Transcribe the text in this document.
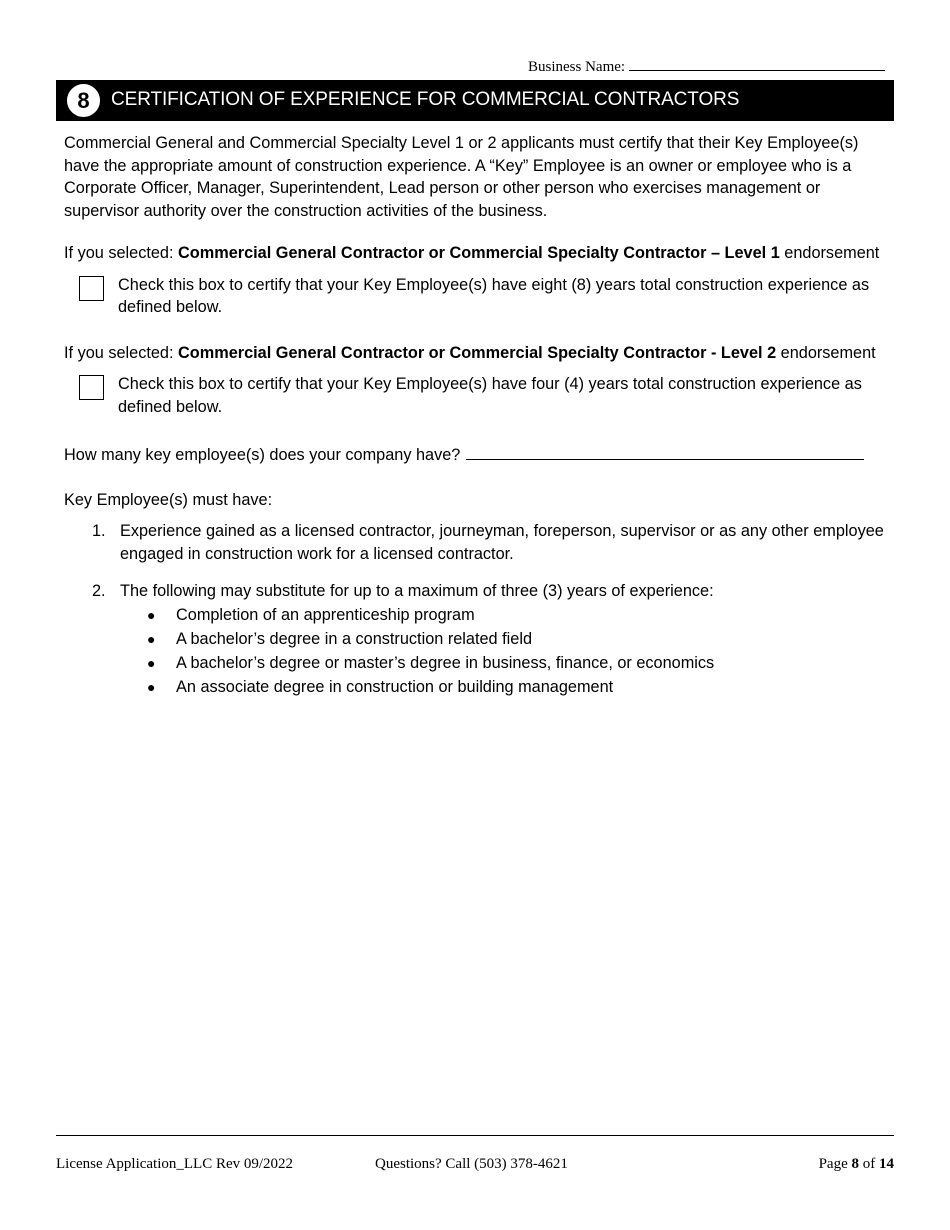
Business Name:
8	CERTIFICATION OF EXPERIENCE FOR COMMERCIAL CONTRACTORS

Commercial General and Commercial Specialty Level 1 or 2 applicants must certify that their Key Employee(s) have the appropriate amount of construction experience. A “Key” Employee is an owner or employee who is a Corporate Officer, Manager, Superintendent, Lead person or other person who exercises management or supervisor authority over the construction activities of the business.

If you selected: Commercial General Contractor or Commercial Specialty Contractor – Level 1 endorsement

Check this box to certify that your Key Employee(s) have eight (8) years total construction experience as defined below.

If you selected: Commercial General Contractor or Commercial Specialty Contractor - Level 2 endorsement

Check this box to certify that your Key Employee(s) have four (4) years total construction experience as defined below.

How many key employee(s) does your company have?

Key Employee(s) must have:

1. Experience gained as a licensed contractor, journeyman, foreperson, supervisor or as any other employee engaged in construction work for a licensed contractor.
2. The following may substitute for up to a maximum of three (3) years of experience:
● Completion of an apprenticeship program
● A bachelor’s degree in a construction related field
● A bachelor’s degree or master’s degree in business, finance, or economics
● An associate degree in construction or building management
License Application_LLC Rev 09/2022	Questions? Call (503) 378-4621	Page 8 of 14
